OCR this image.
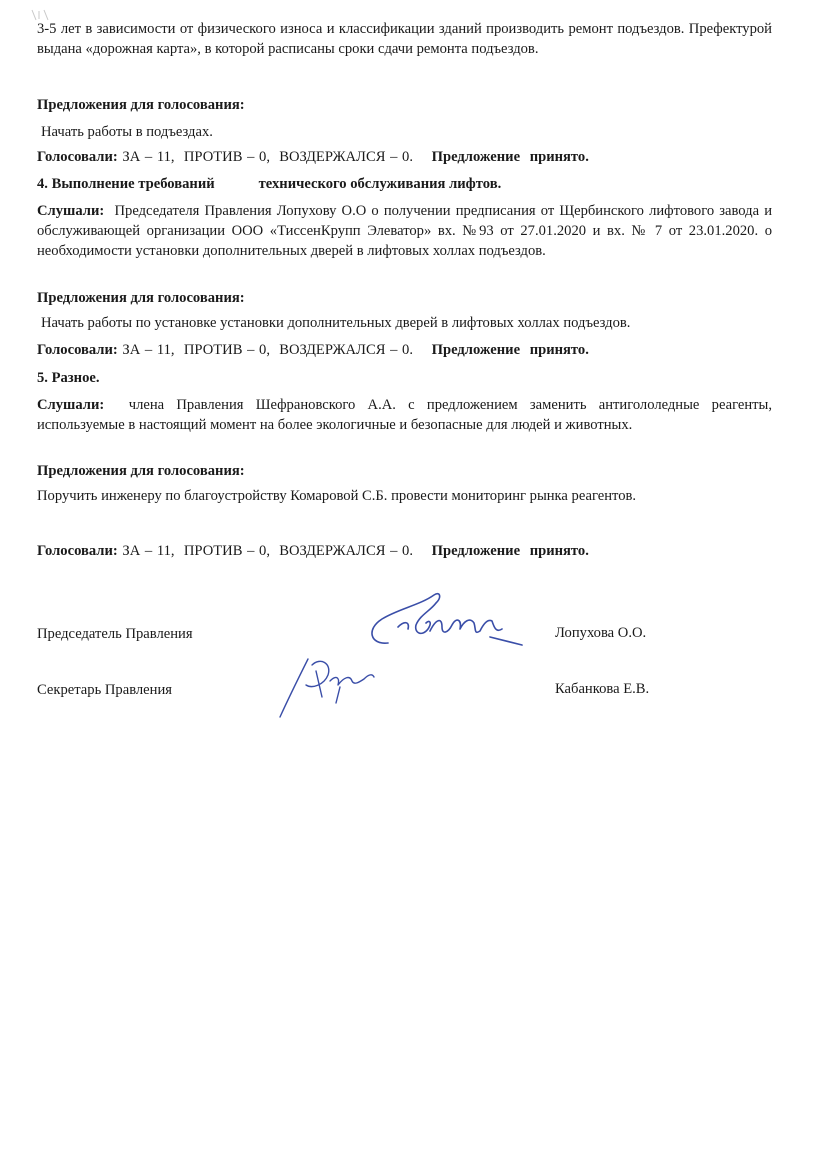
3-5 лет в зависимости от физического износа и классификации зданий производить ремонт подъездов. Префектурой выдана «дорожная карта», в которой расписаны сроки сдачи ремонта подъездов.
Предложения для голосования:
Начать работы в подъездах.
Голосовали: ЗА – 11,  ПРОТИВ – 0,  ВОЗДЕРЖАЛСЯ – 0. Предложение принято.
4. Выполнение требований	технического обслуживания лифтов.
Слушали: Председателя Правления Лопухову О.О о получении предписания от Щербинского лифтового завода и обслуживающей организации ООО «ТиссенКрупп Элеватор» вх. №93 от 27.01.2020 и вх. № 7 от 23.01.2020. о необходимости установки дополнительных дверей в лифтовых холлах подъездов.
Предложения для голосования:
Начать работы по установке установки дополнительных дверей в лифтовых холлах подъездов.
Голосовали: ЗА – 11,  ПРОТИВ – 0,  ВОЗДЕРЖАЛСЯ – 0. Предложение принято.
5. Разное.
Слушали: члена Правления Шефрановского А.А. с предложением заменить антигололедные реагенты, используемые в настоящий момент на более экологичные и безопасные для людей и животных.
Предложения для голосования:
Поручить инженеру по благоустройству Комаровой С.Б. провести мониторинг рынка реагентов.
Голосовали: ЗА – 11,  ПРОТИВ – 0,  ВОЗДЕРЖАЛСЯ – 0. Предложение принято.
Председатель Правления	Лопухова О.О.
Секретарь Правления	Кабанкова Е.В.
